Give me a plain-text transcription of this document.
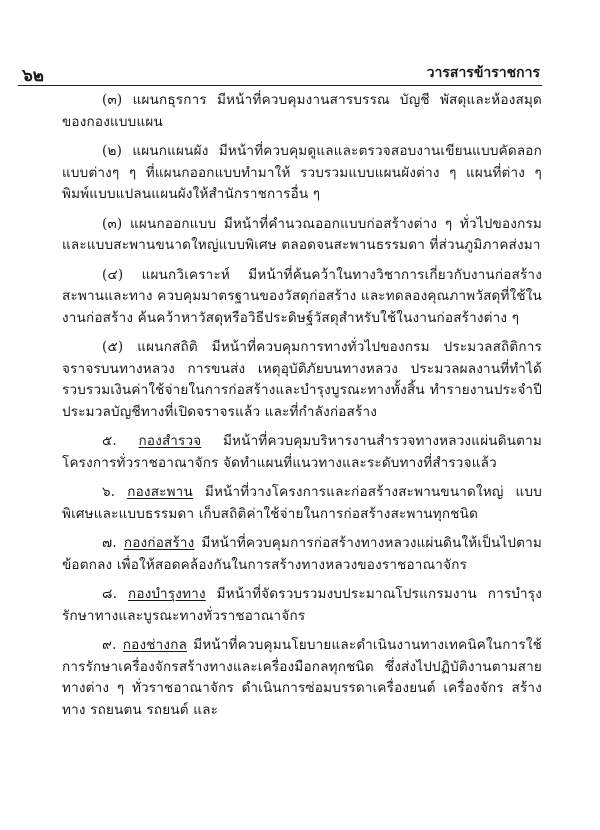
๖๒	วารสารข้าราชการ

(๓) แผนกธุรการ มีหน้าที่ควบคุมงานสารบรรณ บัญชี พัสดุและห้องสมุดของกองแบบแผน

(๒) แผนกแผนผัง มีหน้าที่ควบคุมดูแลและตรวจสอบงานเขียนแบบคัดลอกแบบต่างๆ ๆ ที่แผนกออกแบบทำมาให้ รวบรวมแบบแผนผังต่าง ๆ แผนที่ต่าง ๆ พิมพ์แบบแปลนแผนผังให้สำนักราชการอื่น ๆ

(๓) แผนกออกแบบ มีหน้าที่คำนวณออกแบบก่อสร้างต่าง ๆ ทั่วไปของกรม และแบบสะพานขนาดใหญ่แบบพิเศษ ตลอดจนสะพานธรรมดา ที่ส่วนภูมิภาคส่งมา

(๔) แผนกวิเคราะห์ มีหน้าที่ค้นคว้าในทางวิชาการเกี่ยวกับงานก่อสร้างสะพานและทาง ควบคุมมาตรฐานของวัสดุก่อสร้าง และทดลองคุณภาพวัสดุที่ใช้ในงานก่อสร้าง ค้นคว้าหาวัสดุหรือวิธีประดิษฐ์วัสดุสำหรับใช้ในงานก่อสร้างต่าง ๆ

(๕) แผนกสถิติ มีหน้าที่ควบคุมการทางทั่วไปของกรม ประมวลสถิติการจราจรบนทางหลวง การขนส่ง เหตุอุบัติภัยบนทางหลวง ประมวลผลงานที่ทำได้ รวบรวมเงินค่าใช้จ่ายในการก่อสร้างและบำรุงบูรณะทางทั้งสิ้น ทำรายงานประจำปี ประมวลบัญชีทางที่เปิดจราจรแล้ว และที่กำลังก่อสร้าง

๕. กองสำรวจ มีหน้าที่ควบคุมบริหารงานสำรวจทางหลวงแผ่นดินตามโครงการทั่วราชอาณาจักร จัดทำแผนที่แนวทางและระดับทางที่สำรวจแล้ว

๖. กองสะพาน มีหน้าที่วางโครงการและก่อสร้างสะพานขนาดใหญ่ แบบพิเศษและแบบธรรมดา เก็บสถิติค่าใช้จ่ายในการก่อสร้างสะพานทุกชนิด

๗. กองก่อสร้าง มีหน้าที่ควบคุมการก่อสร้างทางหลวงแผ่นดินให้เป็นไปตามข้อตกลง เพื่อให้สอดคล้องกันในการสร้างทางหลวงของราชอาณาจักร

๘. กองบำรุงทาง มีหน้าที่จัดรวบรวมงบประมาณโปรแกรมงาน การบำรุงรักษาทางและบูรณะทางทั่วราชอาณาจักร

๙. กองช่างกล มีหน้าที่ควบคุมนโยบายและดำเนินงานทางเทคนิคในการใช้ การรักษาเครื่องจักรสร้างทางและเครื่องมือกลทุกชนิด ซึ่งส่งไปปฏิบัติงานตามสายทางต่าง ๆ ทั่วราชอาณาจักร ดำเนินการซ่อมบรรดาเครื่องยนต์ เครื่องจักร สร้างทาง รถยนตน รถยนต์ และ
